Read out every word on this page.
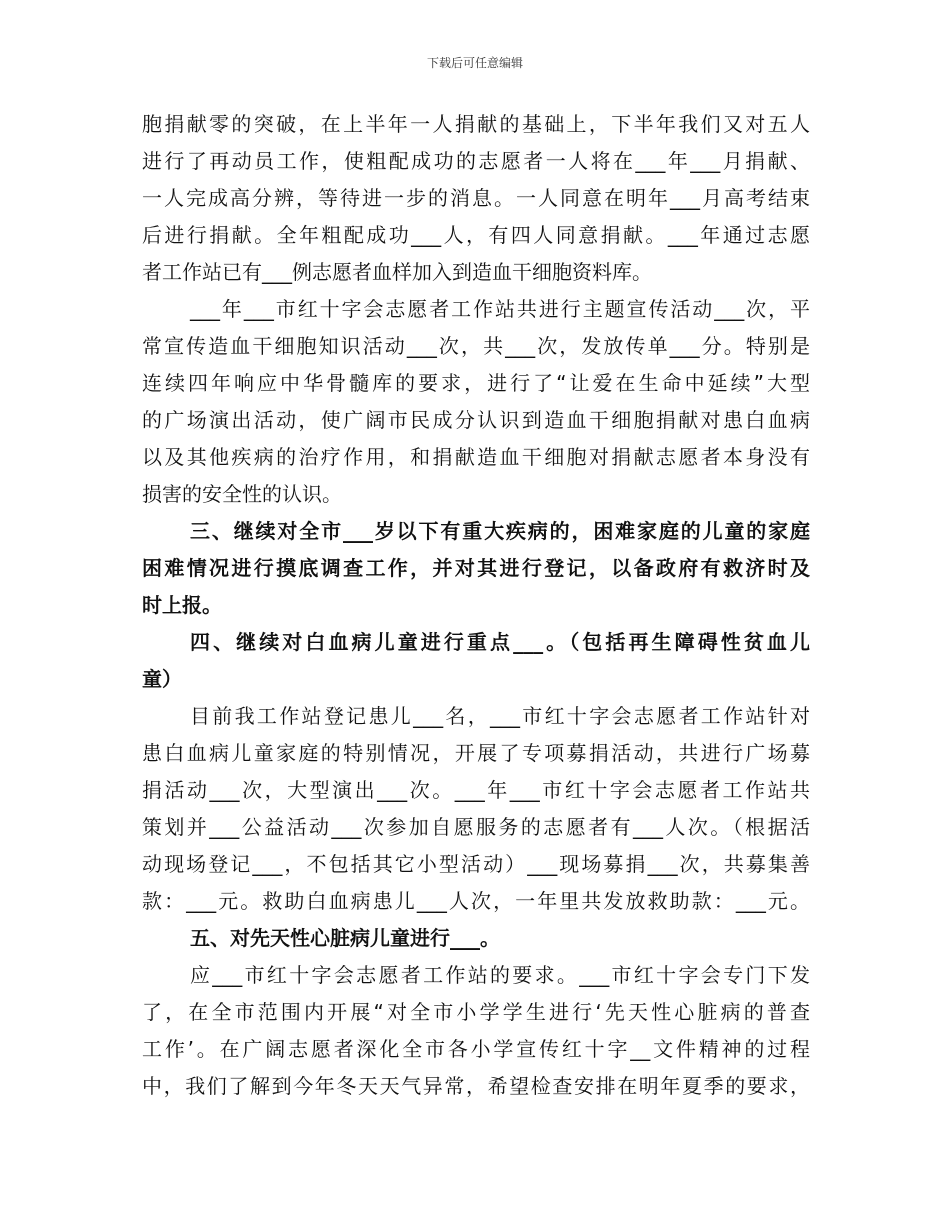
下载后可任意编辑
胞捐献零的突破，在上半年一人捐献的基础上，下半年我们又对五人
进行了再动员工作，使粗配成功的志愿者一人将在___年___月捐献、
一人完成高分辨，等待进一步的消息。一人同意在明年___月高考结束
后进行捐献。全年粗配成功___人，有四人同意捐献。___年通过志愿
者工作站已有___例志愿者血样加入到造血干细胞资料库。
___年___市红十字会志愿者工作站共进行主题宣传活动___次，平
常宣传造血干细胞知识活动___次，共___次，发放传单___分。特别是
连续四年响应中华骨髓库的要求，进行了“让爱在生命中延续”大型
的广场演出活动，使广阔市民成分认识到造血干细胞捐献对患白血病
以及其他疾病的治疗作用，和捐献造血干细胞对捐献志愿者本身没有
损害的安全性的认识。
三、继续对全市___岁以下有重大疾病的，困难家庭的儿童的家庭
困难情况进行摸底调查工作，并对其进行登记，以备政府有救济时及
时上报。
四、继续对白血病儿童进行重点___。（包括再生障碍性贫血儿
童）
目前我工作站登记患儿___名，___市红十字会志愿者工作站针对
患白血病儿童家庭的特别情况，开展了专项募捐活动，共进行广场募
捐活动___次，大型演出___次。___年___市红十字会志愿者工作站共
策划并___公益活动___次参加自愿服务的志愿者有___人次。（根据活
动现场登记___，不包括其它小型活动）___现场募捐___次，共募集善
款：___元。救助白血病患儿___人次，一年里共发放救助款：___元。
五、对先天性心脏病儿童进行___。
应___市红十字会志愿者工作站的要求。___市红十字会专门下发
了，在全市范围内开展“对全市小学学生进行‘先天性心脏病的普查
工作’。在广阔志愿者深化全市各小学宣传红十字__文件精神的过程
中，我们了解到今年冬天天气异常，希望检查安排在明年夏季的要求，
